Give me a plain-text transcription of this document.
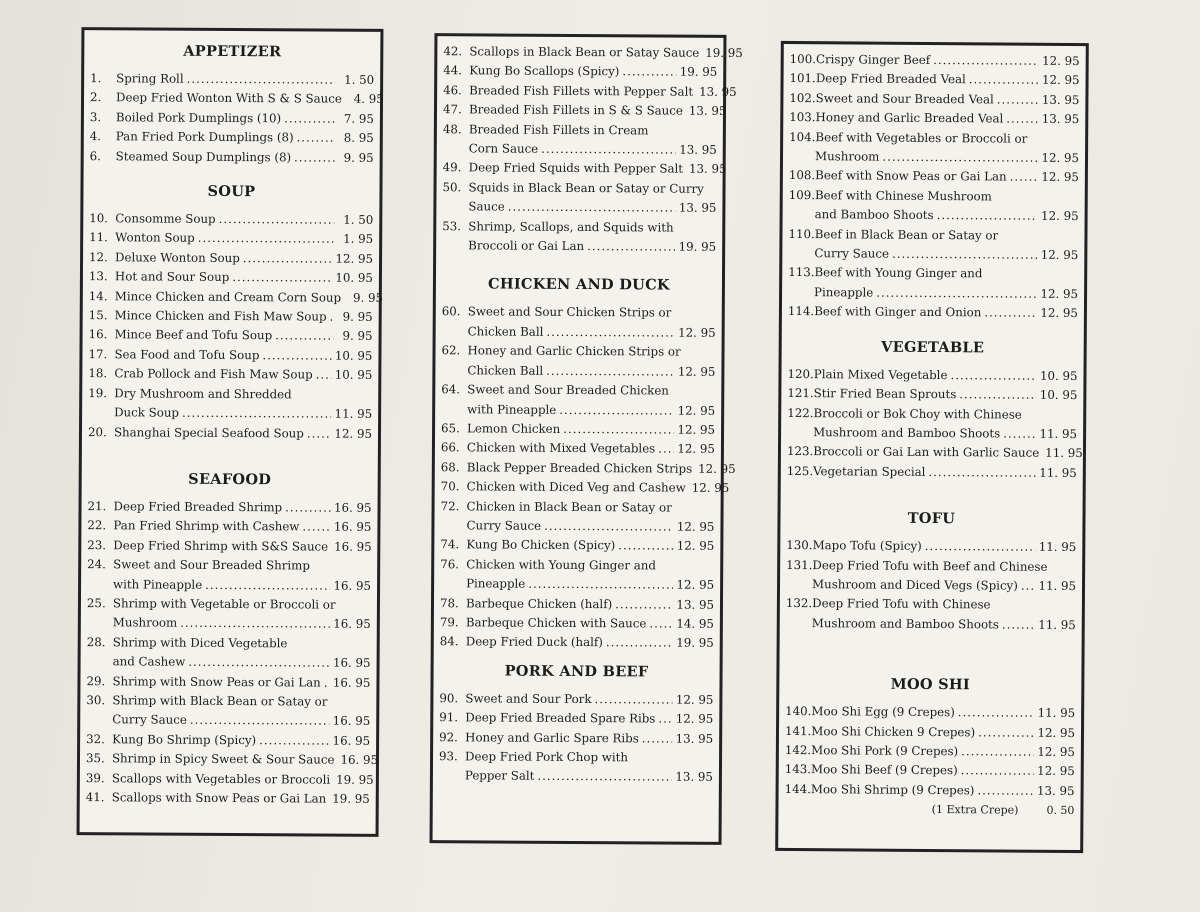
APPETIZER
1.	Spring Roll .....	1. 50
2.	Deep Fried Wonton With S & S Sauce .....	4. 95
3.	Boiled Pork Dumplings (10) .....	7. 95
4.	Pan Fried Pork Dumplings (8) .....	8. 95
6.	Steamed Soup Dumplings (8) .....	9. 95
SOUP
10. Consomme Soup .....	1. 50
11. Wonton Soup .....	1. 95
12. Deluxe Wonton Soup .....	12. 95
13. Hot and Sour Soup .....	10. 95
14. Mince Chicken and Cream Corn Soup .....	9. 95
15. Mince Chicken and Fish Maw Soup .....	9. 95
16. Mince Beef and Tofu Soup .....	9. 95
17. Sea Food and Tofu Soup .....	10. 95
18. Crab Pollock and Fish Maw Soup ..... 10. 95
19. Dry Mushroom and Shredded
Duck Soup .....	11. 95
20. Shanghai Special Seafood Soup .....	12. 95
SEAFOOD
21. Deep Fried Breaded Shrimp .....	16. 95
22. Pan Fried Shrimp with Cashew .....	16. 95
23. Deep Fried Shrimp with S&S Sauce ..... 16. 95
24. Sweet and Sour Breaded Shrimp
with Pineapple .....	16. 95
25. Shrimp with Vegetable or Broccoli or
Mushroom .....	16. 95
28. Shrimp with Diced Vegetable
and Cashew .....	16. 95
29. Shrimp with Snow Peas or Gai Lan ..... 16. 95
30. Shrimp with Black Bean or Satay or
Curry Sauce .....	16. 95
32. Kung Bo Shrimp (Spicy) .....	16. 95
35. Shrimp in Spicy Sweet & Sour Sauce ..... 16. 95
39. Scallops with Vegetables or Broccoli ..... 19. 95
41. Scallops with Snow Peas or Gai Lan ..... 19. 95
42. Scallops in Black Bean or Satay Sauce ..... 19. 95
44. Kung Bo Scallops (Spicy) .....	19. 95
46. Breaded Fish Fillets with Pepper Salt ..... 13. 95
47. Breaded Fish Fillets in S & S Sauce ..... 13. 95
48. Breaded Fish Fillets in Cream
Corn Sauce .....	13. 95
49. Deep Fried Squids with Pepper Salt ..... 13. 95
50. Squids in Black Bean or Satay or Curry
Sauce .....	13. 95
53. Shrimp, Scallops, and Squids with
Broccoli or Gai Lan .....	19. 95
CHICKEN AND DUCK
60. Sweet and Sour Chicken Strips or
Chicken Ball .....	12. 95
62. Honey and Garlic Chicken Strips or
Chicken Ball .....	12. 95
64. Sweet and Sour Breaded Chicken
with Pineapple .....	12. 95
65. Lemon Chicken .....	12. 95
66. Chicken with Mixed Vegetables ..... 12. 95
68. Black Pepper Breaded Chicken Strips ..... 12. 95
70. Chicken with Diced Veg and Cashew ..... 12. 95
72. Chicken in Black Bean or Satay or
Curry Sauce .....	12. 95
74. Kung Bo Chicken (Spicy) .....	12. 95
76. Chicken with Young Ginger and
Pineapple .....	12. 95
78. Barbeque Chicken (half) .....	13. 95
79. Barbeque Chicken with Sauce .....	14. 95
84. Deep Fried Duck (half) .....	19. 95
PORK AND BEEF
90. Sweet and Sour Pork .....	12. 95
91. Deep Fried Breaded Spare Ribs ..... 12. 95
92. Honey and Garlic Spare Ribs .....	13. 95
93. Deep Fried Pork Chop with
Pepper Salt .....	13. 95
100. Crispy Ginger Beef .....	12. 95
101. Deep Fried Breaded Veal .....	12. 95
102. Sweet and Sour Breaded Veal .....	13. 95
103. Honey and Garlic Breaded Veal .....	13. 95
104. Beef with Vegetables or Broccoli or
Mushroom .....	12. 95
108. Beef with Snow Peas or Gai Lan .....	12. 95
109. Beef with Chinese Mushroom
and Bamboo Shoots .....	12. 95
110. Beef in Black Bean or Satay or
Curry Sauce .....	12. 95
113. Beef with Young Ginger and
Pineapple .....	12. 95
114. Beef with Ginger and Onion .....	12. 95
VEGETABLE
120. Plain Mixed Vegetable .....	10. 95
121. Stir Fried Bean Sprouts .....	10. 95
122. Broccoli or Bok Choy with Chinese
Mushroom and Bamboo Shoots .....	11. 95
123. Broccoli or Gai Lan with Garlic Sauce ..... 11. 95
125. Vegetarian Special .....	11. 95
TOFU
130. Mapo Tofu (Spicy) .....	11. 95
131. Deep Fried Tofu with Beef and Chinese
Mushroom and Diced Vegs (Spicy) ..... 11. 95
132. Deep Fried Tofu with Chinese
Mushroom and Bamboo Shoots .....	11. 95
MOO SHI
140. Moo Shi Egg (9 Crepes) .....	11. 95
141. Moo Shi Chicken 9 Crepes) .....	12. 95
142. Moo Shi Pork (9 Crepes) .....	12. 95
143. Moo Shi Beef (9 Crepes) .....	12. 95
144. Moo Shi Shrimp (9 Crepes) .....	13. 95
(1 Extra Crepe)	0. 50
